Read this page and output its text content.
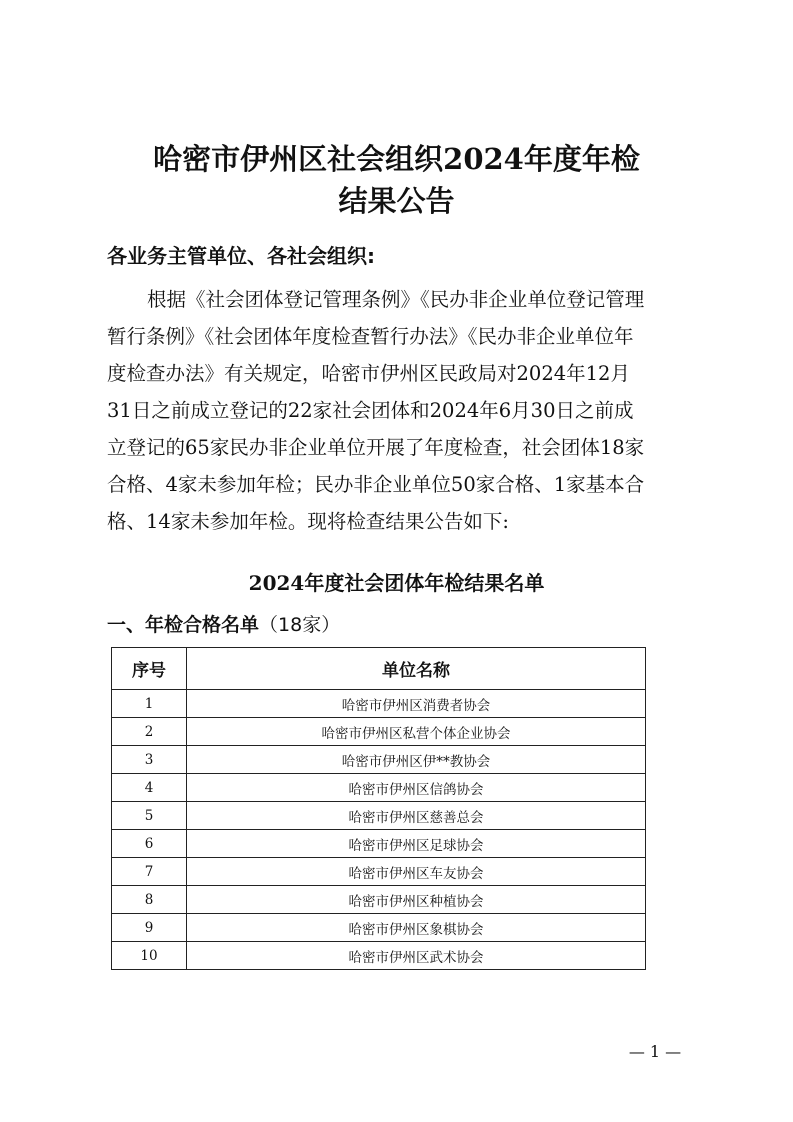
哈密市伊州区社会组织2024年度年检
结果公告
各业务主管单位、各社会组织:
根据《社会团体登记管理条例》《民办非企业单位登记管理
暂行条例》《社会团体年度检查暂行办法》《民办非企业单位年
度检查办法》有关规定，哈密市伊州区民政局对2024年12月
31日之前成立登记的22家社会团体和2024年6月30日之前成
立登记的65家民办非企业单位开展了年度检查，社会团体18家
合格、4家未参加年检；民办非企业单位50家合格、1家基本合
格、14家未参加年检。现将检查结果公告如下:
2024年度社会团体年检结果名单
一、年检合格名单（18家）
序号	单位名称
1	哈密市伊州区消费者协会
2	哈密市伊州区私营个体企业协会
3	哈密市伊州区伊**教协会
4	哈密市伊州区信鸽协会
5	哈密市伊州区慈善总会
6	哈密市伊州区足球协会
7	哈密市伊州区车友协会
8	哈密市伊州区种植协会
9	哈密市伊州区象棋协会
10	哈密市伊州区武术协会
— 1 —
